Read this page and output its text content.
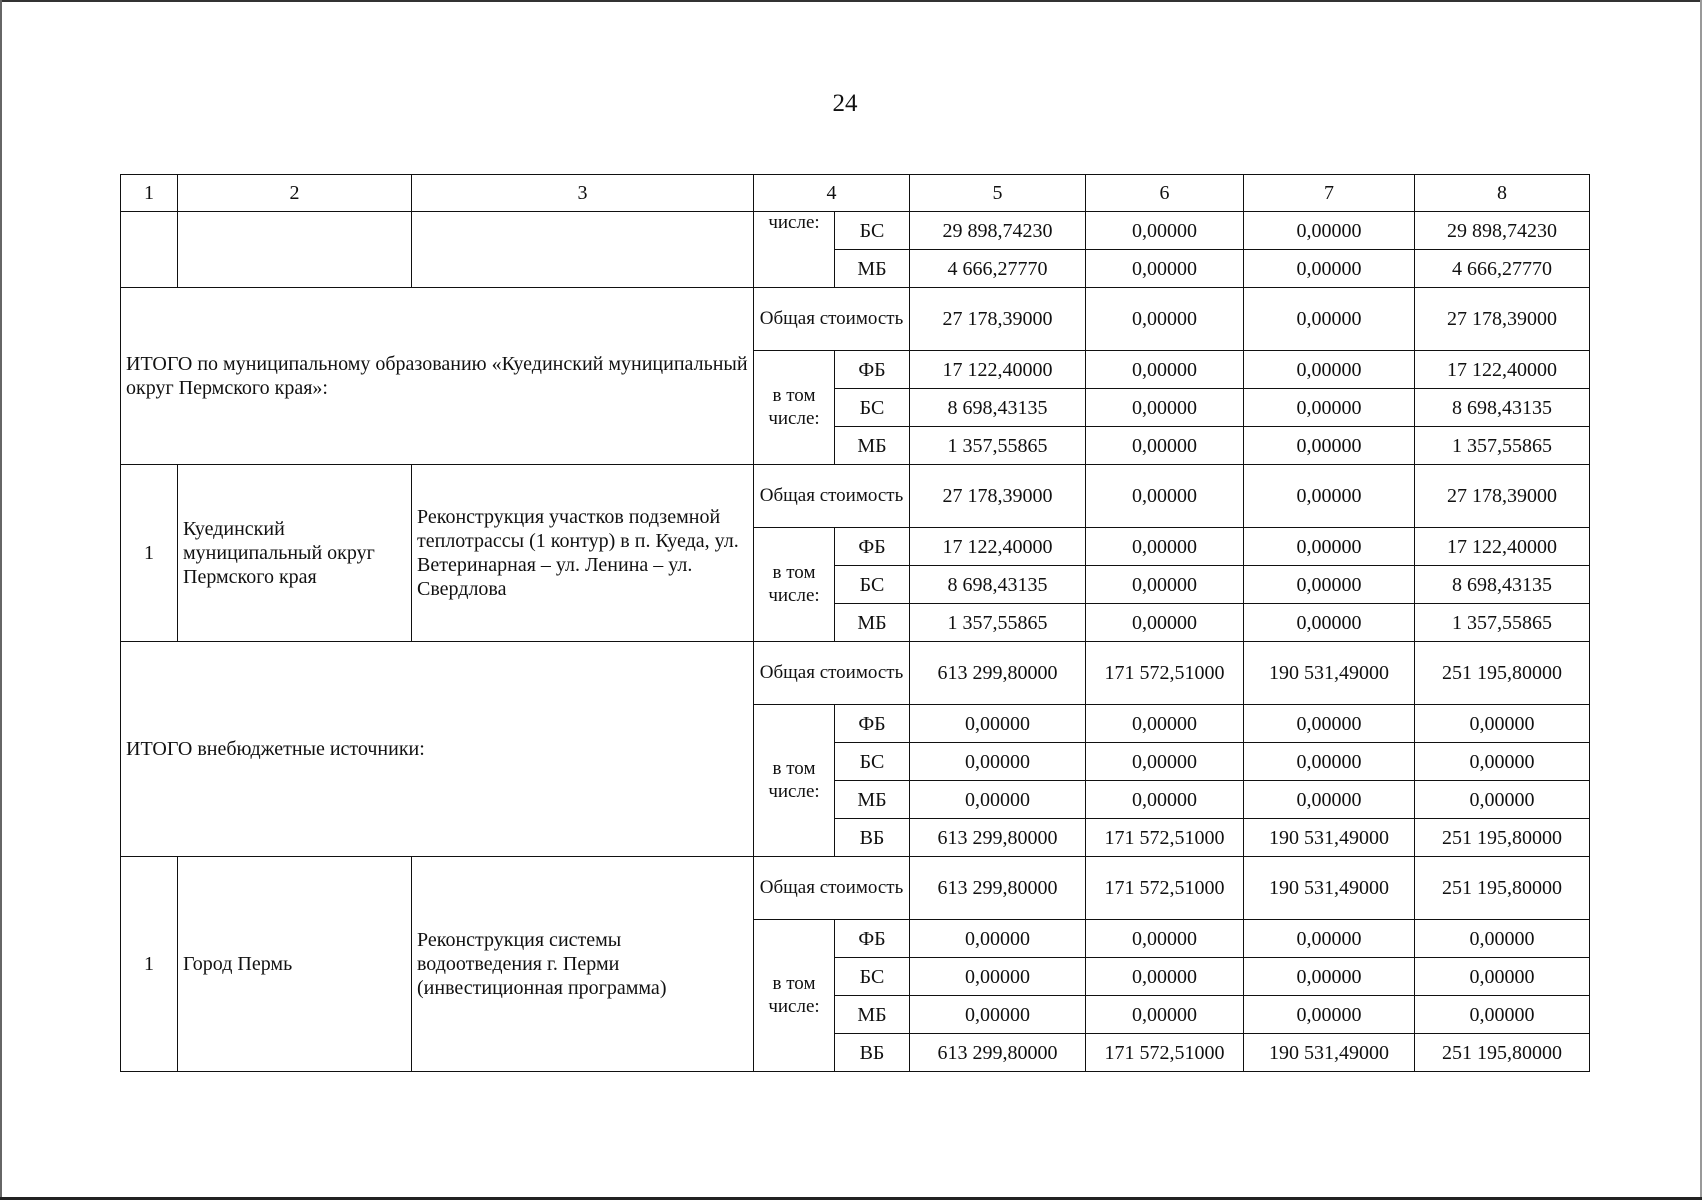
24
1	2	3	4		5	6	7	8
			числе:	БС	29 898,74230	0,00000	0,00000	29 898,74230
				МБ	4 666,27770	0,00000	0,00000	4 666,27770
ИТОГО по муниципальному образованию «Куединский муниципальный округ Пермского края»:			Общая стоимость		27 178,39000	0,00000	0,00000	27 178,39000
			в том числе:	ФБ	17 122,40000	0,00000	0,00000	17 122,40000
				БС	8 698,43135	0,00000	0,00000	8 698,43135
				МБ	1 357,55865	0,00000	0,00000	1 357,55865
1	Куединский муниципальный округ Пермского края	Реконструкция участков подземной теплотрассы (1 контур) в п. Куеда, ул. Ветеринарная – ул. Ленина – ул. Свердлова	Общая стоимость		27 178,39000	0,00000	0,00000	27 178,39000
			в том числе:	ФБ	17 122,40000	0,00000	0,00000	17 122,40000
				БС	8 698,43135	0,00000	0,00000	8 698,43135
				МБ	1 357,55865	0,00000	0,00000	1 357,55865
ИТОГО внебюджетные источники:			Общая стоимость		613 299,80000	171 572,51000	190 531,49000	251 195,80000
			в том числе:	ФБ	0,00000	0,00000	0,00000	0,00000
				БС	0,00000	0,00000	0,00000	0,00000
				МБ	0,00000	0,00000	0,00000	0,00000
				ВБ	613 299,80000	171 572,51000	190 531,49000	251 195,80000
1	Город Пермь	Реконструкция системы водоотведения г. Перми (инвестиционная программа)	Общая стоимость		613 299,80000	171 572,51000	190 531,49000	251 195,80000
			в том числе:	ФБ	0,00000	0,00000	0,00000	0,00000
				БС	0,00000	0,00000	0,00000	0,00000
				МБ	0,00000	0,00000	0,00000	0,00000
				ВБ	613 299,80000	171 572,51000	190 531,49000	251 195,80000
